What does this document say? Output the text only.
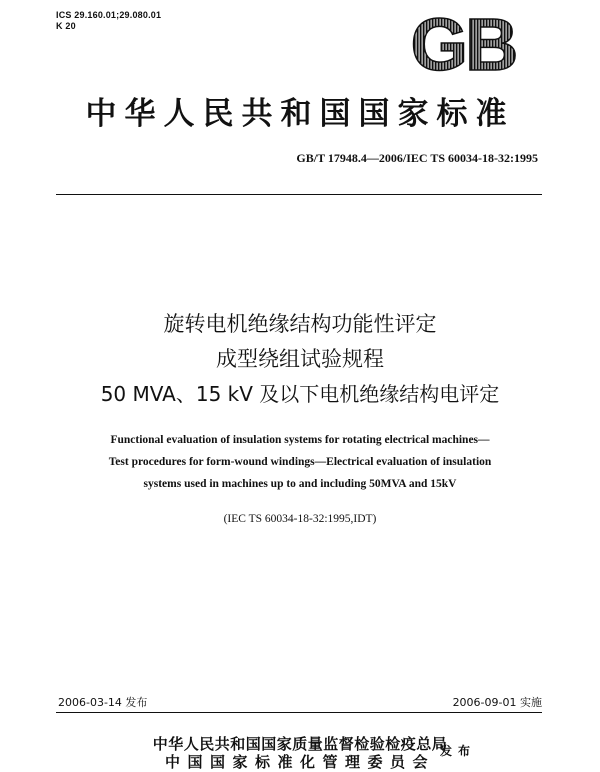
ICS 29.160.01;29.080.01
K 20	GB
中华人民共和国国家标准
GB/T 17948.4—2006/IEC TS 60034-18-32:1995
旋转电机绝缘结构功能性评定
成型绕组试验规程
50 MVA、15 kV 及以下电机绝缘结构电评定
Functional evaluation of insulation systems for rotating electrical machines—
Test procedures for form-wound windings—Electrical evaluation of insulation
systems used in machines up to and including 50MVA and 15kV
(IEC TS 60034-18-32:1995,IDT)
2006-03-14 发布	2006-09-01 实施
中华人民共和国国家质量监督检验检疫总局
中国国家标准化管理委员会
发布
